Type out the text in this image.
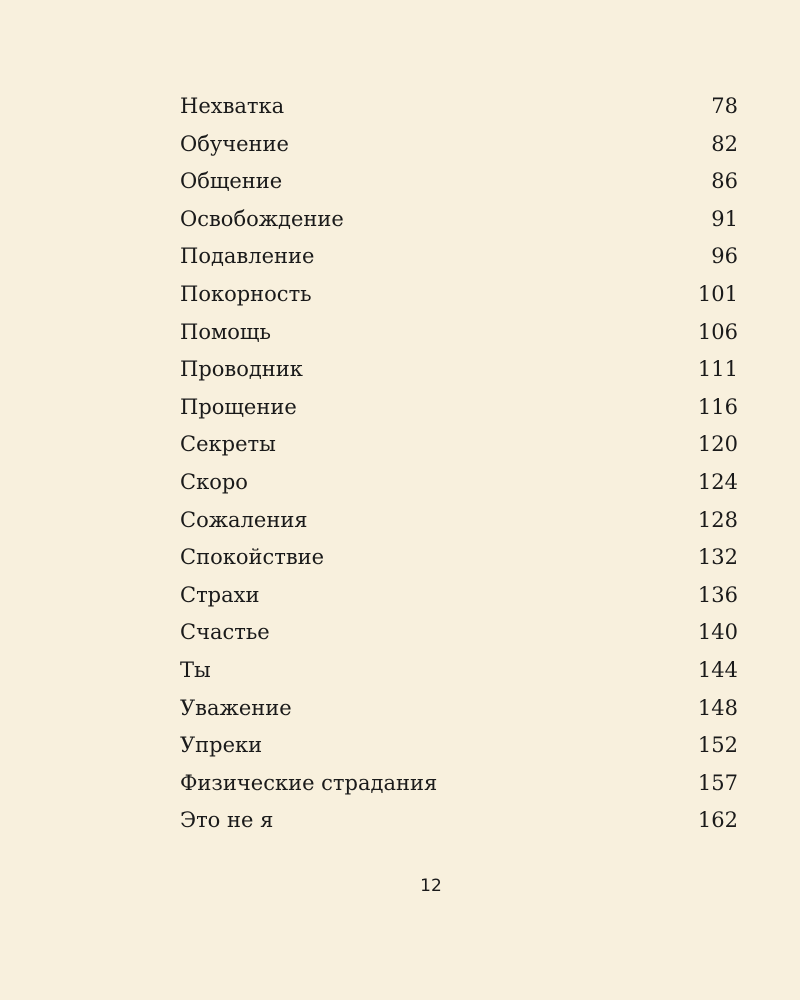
Нехватка	78
Обучение	82
Общение	86
Освобождение	91
Подавление	96
Покорность	101
Помощь	106
Проводник	111
Прощение	116
Секреты	120
Скоро	124
Сожаления	128
Спокойствие	132
Страхи	136
Счастье	140
Ты	144
Уважение	148
Упреки	152
Физические страдания	157
Это не я	162
12
